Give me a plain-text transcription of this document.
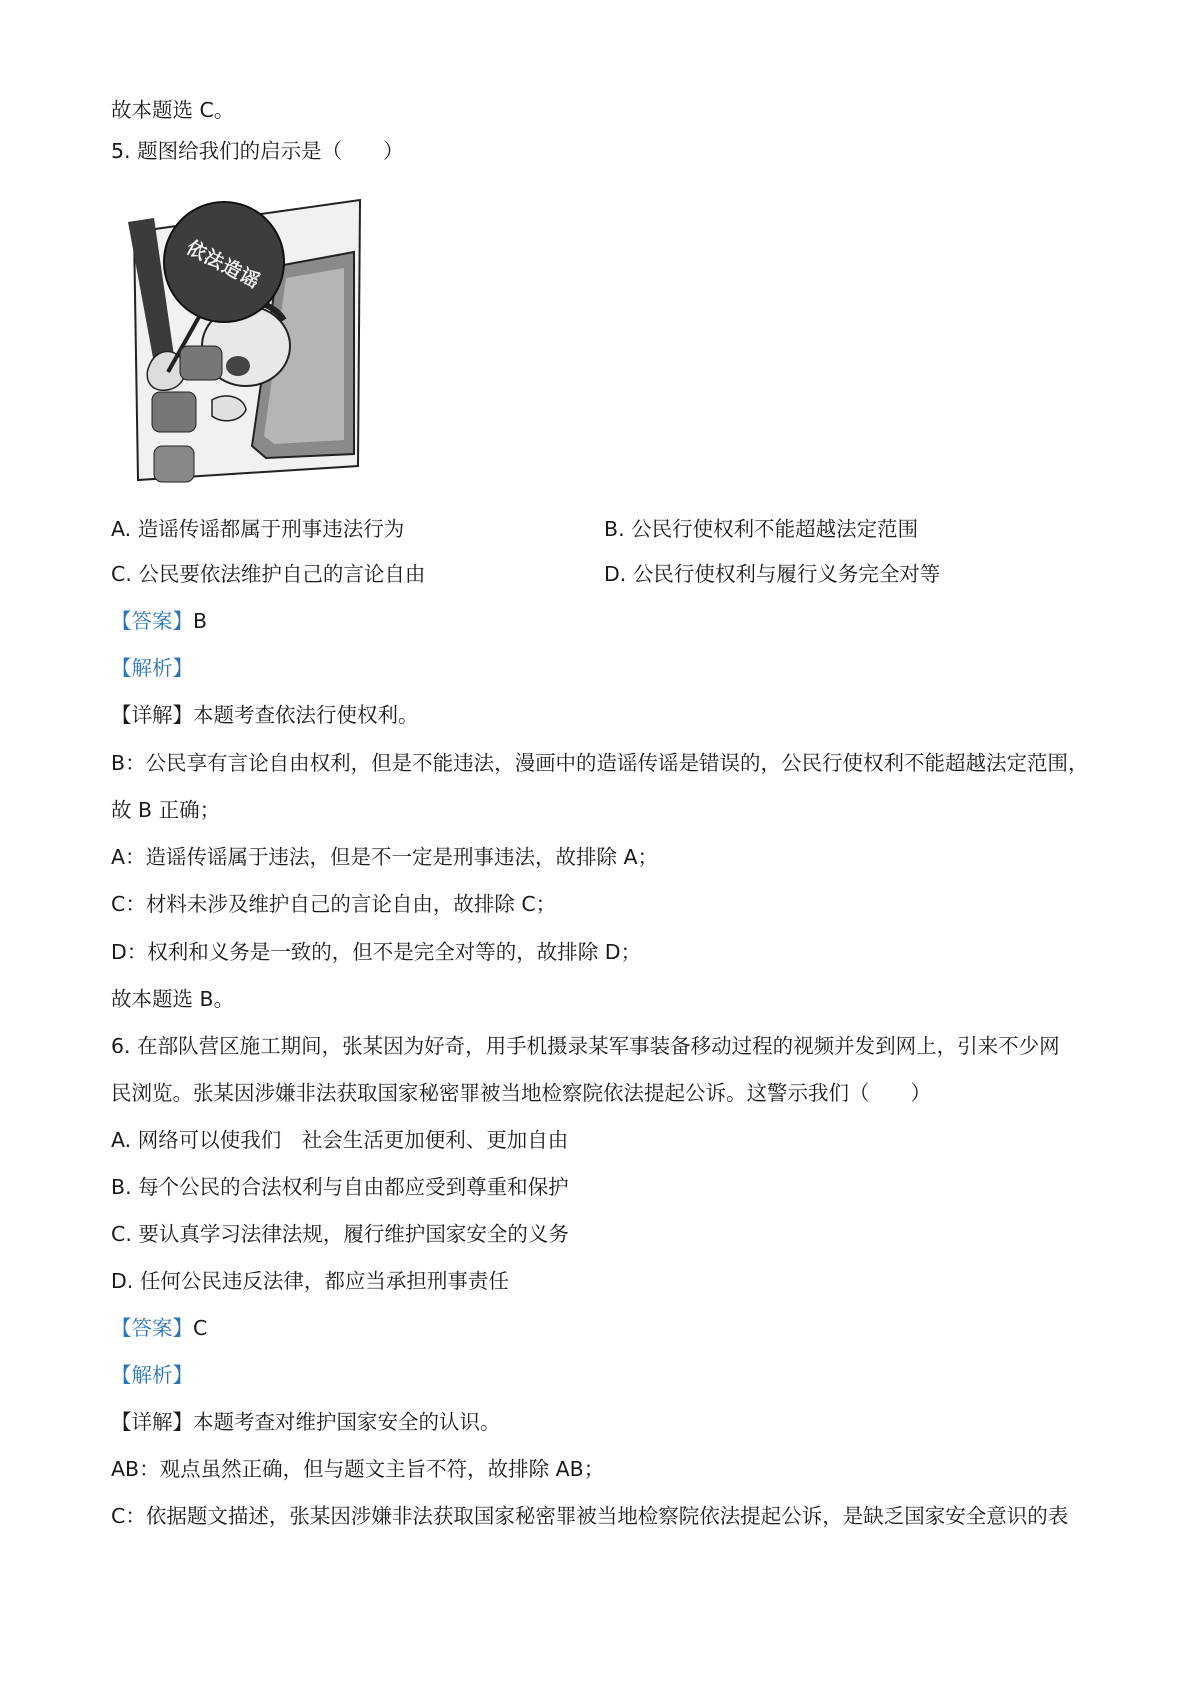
故本题选 C。
5. 题图给我们的启示是（　　）
依法造谣
A. 造谣传谣都属于刑事违法行为	B. 公民行使权利不能超越法定范围
C. 公民要依法维护自己的言论自由	D. 公民行使权利与履行义务完全对等
【答案】B
【解析】
【详解】本题考查依法行使权利。
B：公民享有言论自由权利，但是不能违法，漫画中的造谣传谣是错误的，公民行使权利不能超越法定范围，
故 B 正确；
A：造谣传谣属于违法，但是不一定是刑事违法，故排除 A；
C：材料未涉及维护自己的言论自由，故排除 C；
D：权利和义务是一致的，但不是完全对等的，故排除 D；
故本题选 B。
6. 在部队营区施工期间，张某因为好奇，用手机摄录某军事装备移动过程的视频并发到网上，引来不少网
民浏览。张某因涉嫌非法获取国家秘密罪被当地检察院依法提起公诉。这警示我们（　　）
A. 网络可以使我们　社会生活更加便利、更加自由
B. 每个公民的合法权利与自由都应受到尊重和保护
C. 要认真学习法律法规，履行维护国家安全的义务
D. 任何公民违反法律，都应当承担刑事责任
【答案】C
【解析】
【详解】本题考查对维护国家安全的认识。
AB：观点虽然正确，但与题文主旨不符，故排除 AB；
C：依据题文描述，张某因涉嫌非法获取国家秘密罪被当地检察院依法提起公诉，是缺乏国家安全意识的表
